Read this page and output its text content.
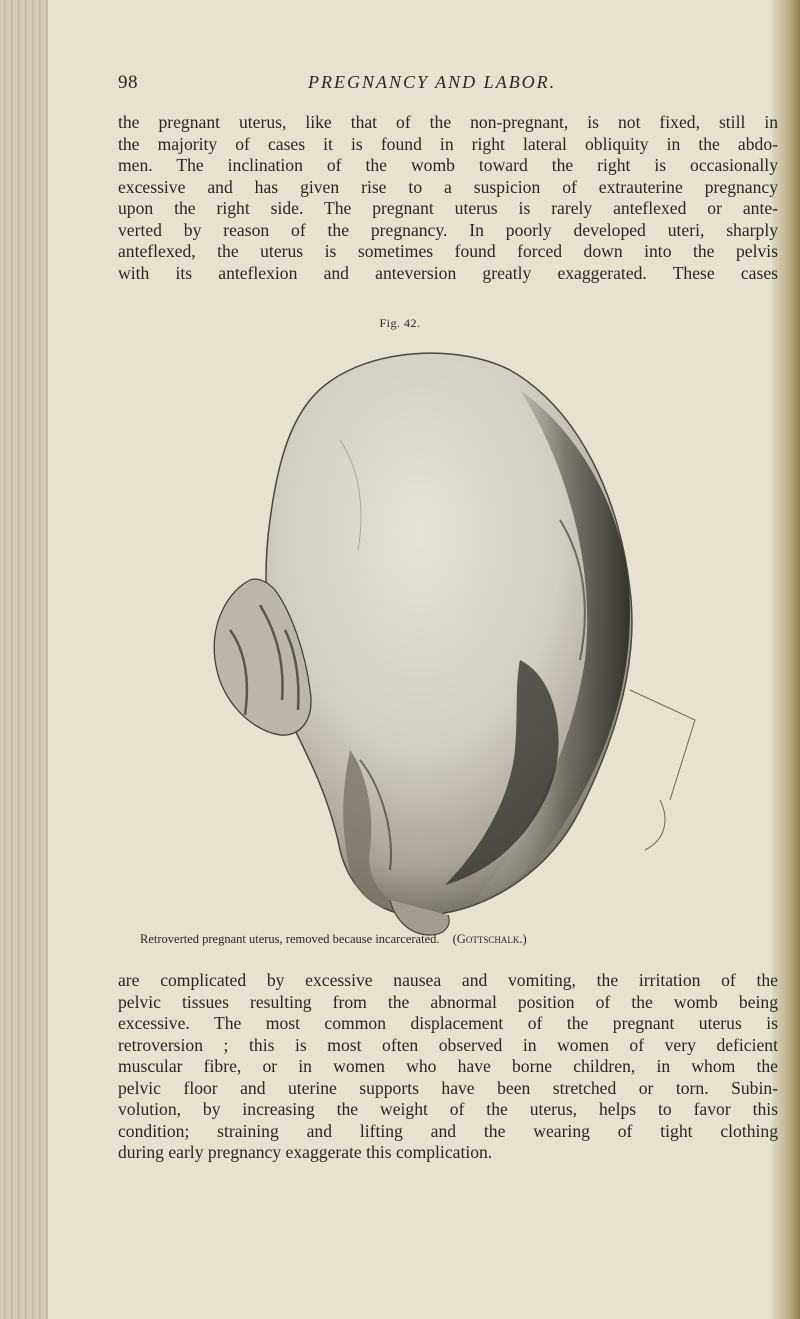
98	PREGNANCY AND LABOR.
the pregnant uterus, like that of the non-pregnant, is not fixed, still in
the majority of cases it is found in right lateral obliquity in the abdo-
men. The inclination of the womb toward the right is occasionally
excessive and has given rise to a suspicion of extrauterine pregnancy
upon the right side. The pregnant uterus is rarely anteflexed or ante-
verted by reason of the pregnancy. In poorly developed uteri, sharply
anteflexed, the uterus is sometimes found forced down into the pelvis
with its anteflexion and anteversion greatly exaggerated. These cases
Fig. 42.
Retroverted pregnant uterus, removed because incarcerated. (Gottschalk.)
are complicated by excessive nausea and vomiting, the irritation of the
pelvic tissues resulting from the abnormal position of the womb being
excessive. The most common displacement of the pregnant uterus is
retroversion ; this is most often observed in women of very deficient
muscular fibre, or in women who have borne children, in whom the
pelvic floor and uterine supports have been stretched or torn. Subin-
volution, by increasing the weight of the uterus, helps to favor this
condition; straining and lifting and the wearing of tight clothing
during early pregnancy exaggerate this complication.
